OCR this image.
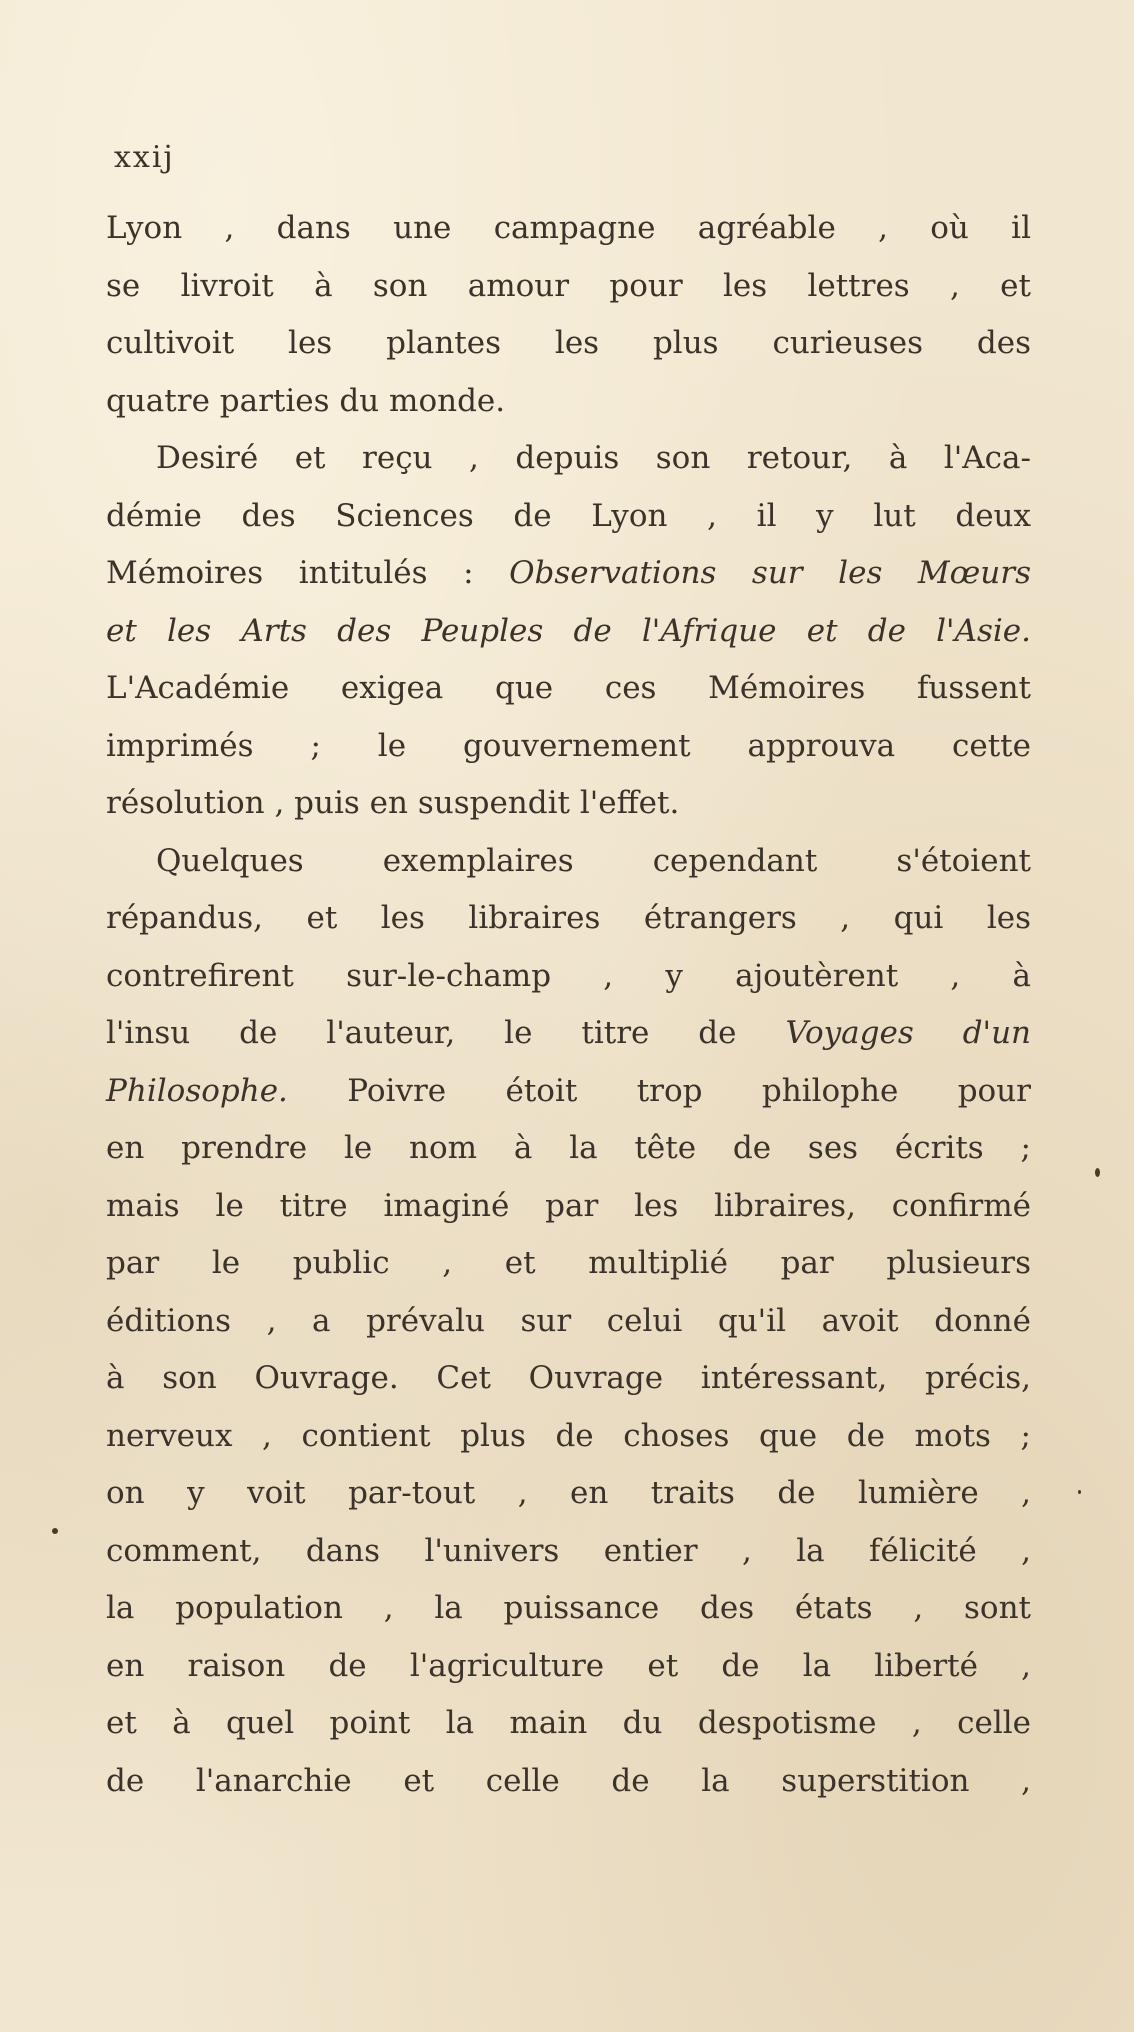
xxij

Lyon , dans une campagne agréable , où il
se livroit à son amour pour les lettres , et
cultivoit les plantes les plus curieuses des
quatre parties du monde.
Desiré et reçu , depuis son retour, à l'Aca-
démie des Sciences de Lyon , il y lut deux
Mémoires intitulés : Observations sur les Mœurs
et les Arts des Peuples de l'Afrique et de l'Asie.
L'Académie exigea que ces Mémoires fussent
imprimés ; le gouvernement approuva cette
résolution , puis en suspendit l'effet.
Quelques exemplaires cependant s'étoient
répandus, et les libraires étrangers , qui les
contrefirent sur-le-champ , y ajoutèrent , à
l'insu de l'auteur, le titre de Voyages d'un
Philosophe. Poivre étoit trop philophe pour
en prendre le nom à la tête de ses écrits ;
mais le titre imaginé par les libraires, confirmé
par le public , et multiplié par plusieurs
éditions , a prévalu sur celui qu'il avoit donné
à son Ouvrage. Cet Ouvrage intéressant, précis,
nerveux , contient plus de choses que de mots ;
on y voit par-tout , en traits de lumière ,
comment, dans l'univers entier , la félicité ,
la population , la puissance des états , sont
en raison de l'agriculture et de la liberté ,
et à quel point la main du despotisme , celle
de l'anarchie et celle de la superstition ,
